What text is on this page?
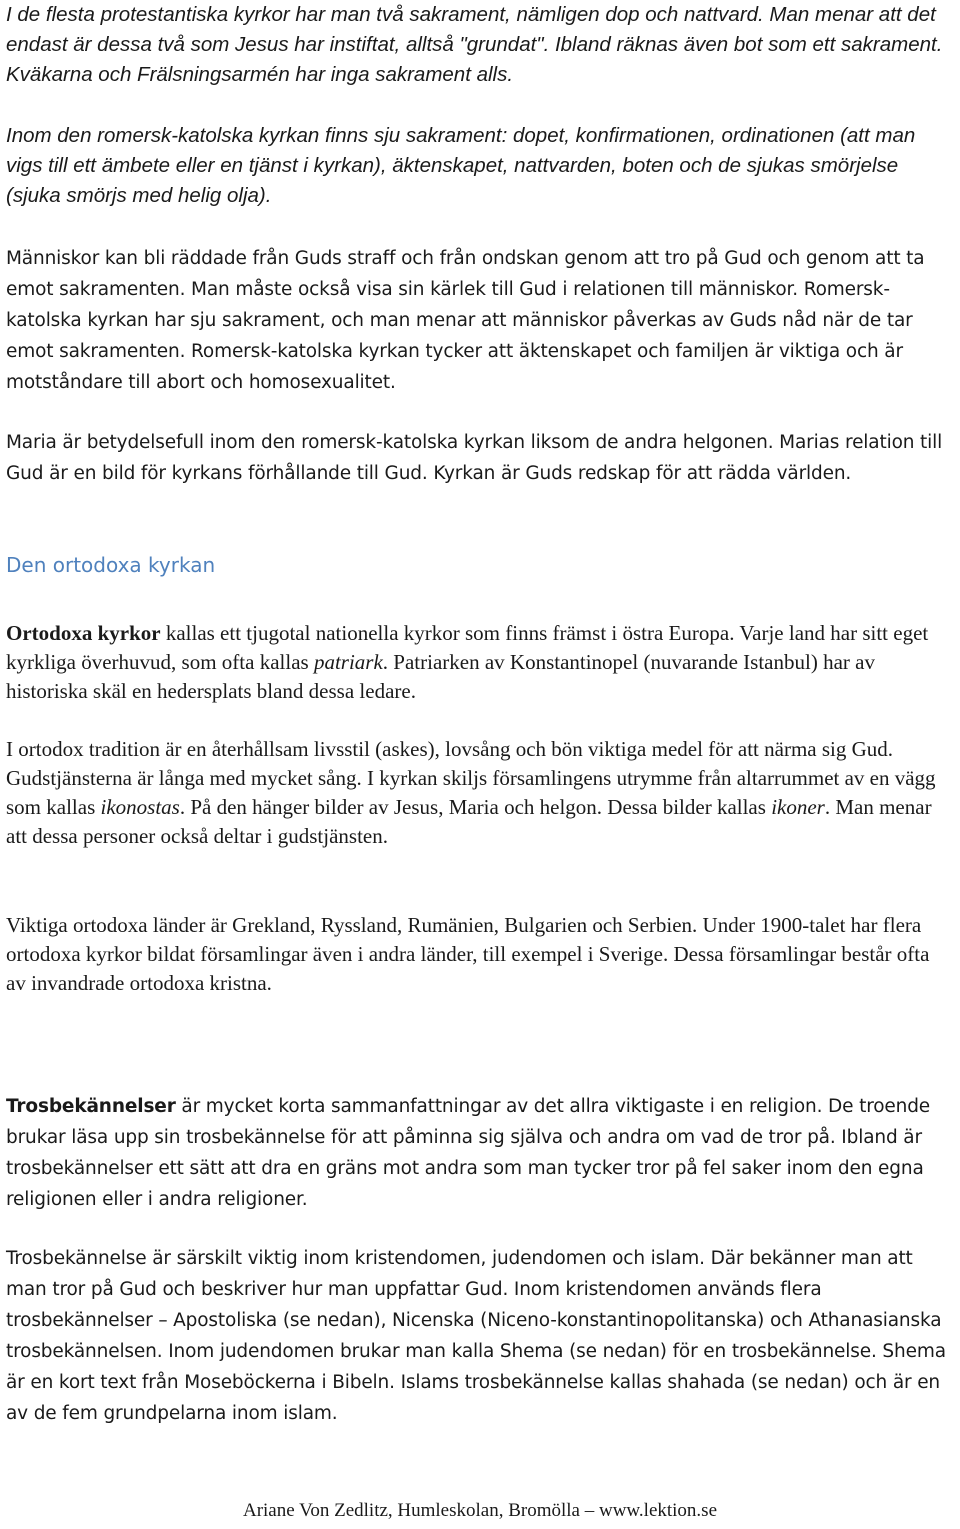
I de flesta protestantiska kyrkor har man två sakrament, nämligen dop och nattvard. Man menar att det endast är dessa två som Jesus har instiftat, alltså "grundat". Ibland räknas även bot som ett sakrament. Kväkarna och Frälsningsarmén har inga sakrament alls.

Inom den romersk-katolska kyrkan finns sju sakrament: dopet, konfirmationen, ordinationen (att man vigs till ett ämbete eller en tjänst i kyrkan), äktenskapet, nattvarden, boten och de sjukas smörjelse (sjuka smörjs med helig olja).

Människor kan bli räddade från Guds straff och från ondskan genom att tro på Gud och genom att ta emot sakramenten. Man måste också visa sin kärlek till Gud i relationen till människor. Romersk-katolska kyrkan har sju sakrament, och man menar att människor påverkas av Guds nåd när de tar emot sakramenten. Romersk-katolska kyrkan tycker att äktenskapet och familjen är viktiga och är motståndare till abort och homosexualitet.

Maria är betydelsefull inom den romersk-katolska kyrkan liksom de andra helgonen. Marias relation till Gud är en bild för kyrkans förhållande till Gud. Kyrkan är Guds redskap för att rädda världen.

Den ortodoxa kyrkan

Ortodoxa kyrkor kallas ett tjugotal nationella kyrkor som finns främst i östra Europa. Varje land har sitt eget kyrkliga överhuvud, som ofta kallas patriark. Patriarken av Konstantinopel (nuvarande Istanbul) har av historiska skäl en hedersplats bland dessa ledare.

I ortodox tradition är en återhållsam livsstil (askes), lovsång och bön viktiga medel för att närma sig Gud. Gudstjänsterna är långa med mycket sång. I kyrkan skiljs församlingens utrymme från altarrummet av en vägg som kallas ikonostas. På den hänger bilder av Jesus, Maria och helgon. Dessa bilder kallas ikoner. Man menar att dessa personer också deltar i gudstjänsten.

Viktiga ortodoxa länder är Grekland, Ryssland, Rumänien, Bulgarien och Serbien. Under 1900-talet har flera ortodoxa kyrkor bildat församlingar även i andra länder, till exempel i Sverige. Dessa församlingar består ofta av invandrade ortodoxa kristna.

Trosbekännelser är mycket korta sammanfattningar av det allra viktigaste i en religion. De troende brukar läsa upp sin trosbekännelse för att påminna sig själva och andra om vad de tror på. Ibland är trosbekännelser ett sätt att dra en gräns mot andra som man tycker tror på fel saker inom den egna religionen eller i andra religioner.

Trosbekännelse är särskilt viktig inom kristendomen, judendomen och islam. Där bekänner man att man tror på Gud och beskriver hur man uppfattar Gud. Inom kristendomen används flera trosbekännelser – Apostoliska (se nedan), Nicenska (Niceno-konstantinopolitanska) och Athanasianska trosbekännelsen. Inom judendomen brukar man kalla Shema (se nedan) för en trosbekännelse. Shema är en kort text från Moseböckerna i Bibeln. Islams trosbekännelse kallas shahada (se nedan) och är en av de fem grundpelarna inom islam.

Ariane Von Zedlitz, Humleskolan, Bromölla – www.lektion.se
